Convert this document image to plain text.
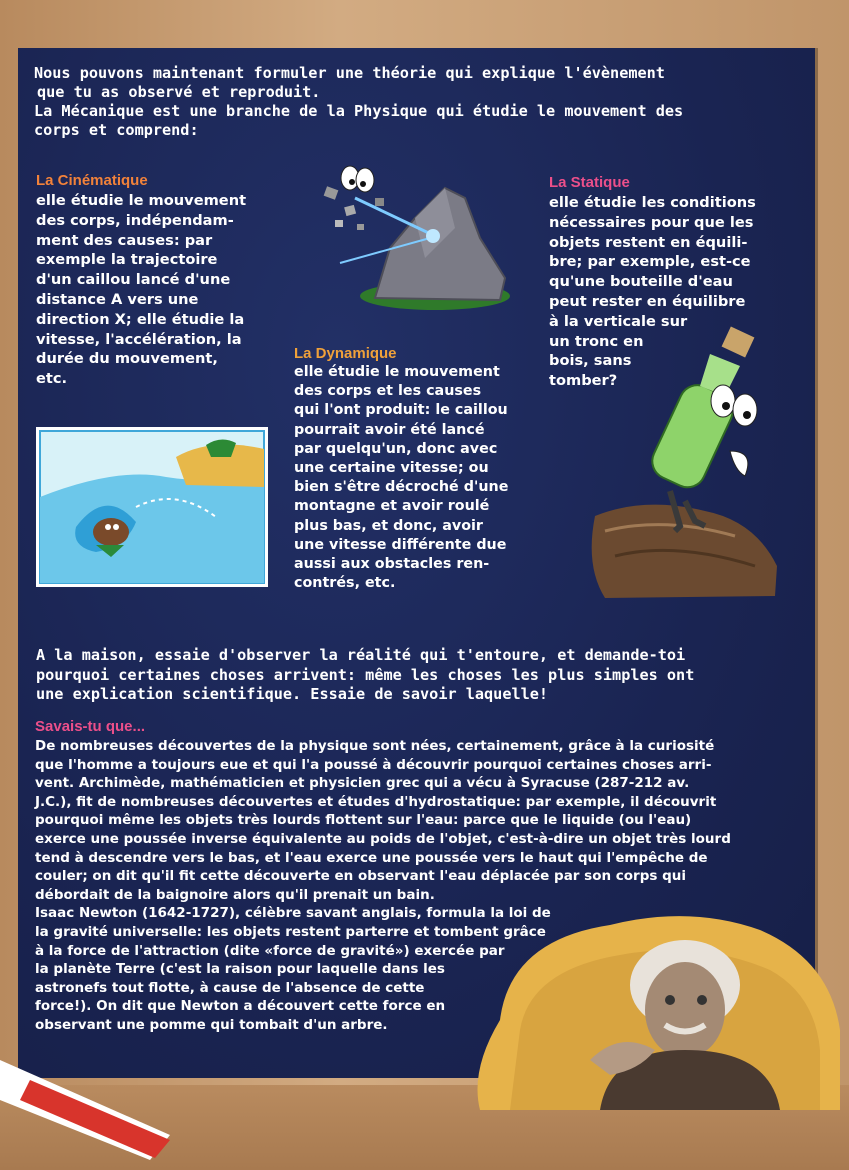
Nous pouvons maintenant formuler une théorie qui explique l'évènement

que tu as observé et reproduit.

La Mécanique est une branche de la Physique qui étudie le mouvement des

corps et comprend:

La Cinématique

elle étudie le mouvement

des corps, indépendam-

ment des causes: par

exemple la trajectoire

d'un caillou lancé d'une

distance A vers une

direction X; elle étudie la

vitesse, l'accélération, la

durée du mouvement,

etc.

La Dynamique

elle étudie le mouvement

des corps et les causes

qui l'ont produit: le caillou

pourrait avoir été lancé

par quelqu'un, donc avec

une certaine vitesse; ou

bien s'être décroché d'une

montagne et avoir roulé

plus bas, et donc, avoir

une vitesse différente due

aussi aux obstacles ren-

contrés, etc.

La Statique

elle étudie les conditions

nécessaires pour que les

objets restent en équili-

bre; par exemple, est-ce

qu'une bouteille d'eau

peut rester en équilibre

à la verticale sur

un tronc en

bois, sans

tomber?

A la maison, essaie d'observer la réalité qui t'entoure, et demande-toi

pourquoi certaines choses arrivent: même les choses les plus simples ont

une explication scientifique. Essaie de savoir laquelle!

Savais-tu que...

De nombreuses découvertes de la physique sont nées, certainement, grâce à la curiosité

que l'homme a toujours eue et qui l'a poussé à découvrir pourquoi certaines choses arri-

vent. Archimède, mathématicien et physicien grec qui a vécu à Syracuse (287-212 av.

J.C.), fit de nombreuses découvertes et études d'hydrostatique: par exemple, il découvrit

pourquoi même les objets très lourds flottent sur l'eau: parce que le liquide (ou l'eau)

exerce une poussée inverse équivalente au poids de l'objet, c'est-à-dire un objet très lourd

tend à descendre vers le bas, et l'eau exerce une poussée vers le haut qui l'empêche de

couler; on dit qu'il fit cette découverte en observant l'eau déplacée par son corps qui

débordait de la baignoire alors qu'il prenait un bain.

Isaac Newton (1642-1727), célèbre savant anglais, formula la loi de

la gravité universelle: les objets restent parterre et tombent grâce

à la force de l'attraction (dite «force de gravité») exercée par

la planète Terre (c'est la raison pour laquelle dans les

astronefs tout flotte, à cause de l'absence de cette

force!). On dit que Newton a découvert cette force en

observant une pomme qui tombait d'un arbre.
